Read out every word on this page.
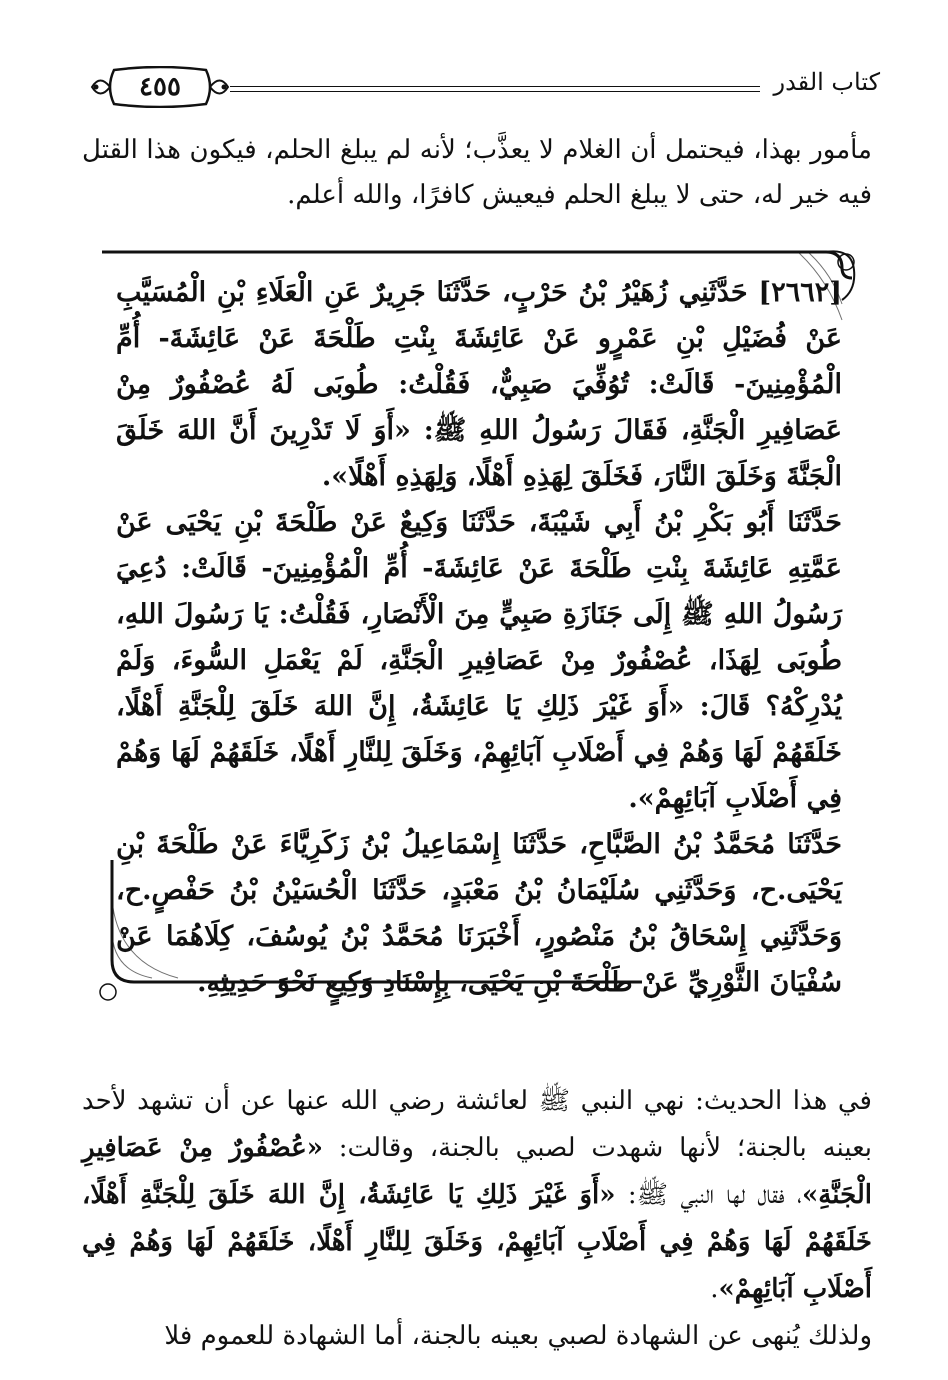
٤٥٥	كتاب القدر
مأمور بهذا، فيحتمل أن الغلام لا يعذَّب؛ لأنه لم يبلغ الحلم، فيكون هذا القتل فيه خير له، حتى لا يبلغ الحلم فيعيش كافرًا، والله أعلم.

[٢٦٦٢] حَدَّثَنِي زُهَيْرُ بْنُ حَرْبٍ، حَدَّثَنَا جَرِيرٌ عَنِ الْعَلَاءِ بْنِ الْمُسَيَّبِ عَنْ فُضَيْلِ بْنِ عَمْرٍو عَنْ عَائِشَةَ بِنْتِ طَلْحَةَ عَنْ عَائِشَةَ- أُمِّ الْمُؤْمِنِينَ- قَالَتْ: تُوُفِّيَ صَبِيٌّ، فَقُلْتُ: طُوبَى لَهُ عُصْفُورٌ مِنْ عَصَافِيرِ الْجَنَّةِ، فَقَالَ رَسُولُ اللهِ ﷺ: «أَوَ لَا تَدْرِينَ أَنَّ اللهَ خَلَقَ الْجَنَّةَ وَخَلَقَ النَّارَ، فَخَلَقَ لِهَذِهِ أَهْلًا، وَلِهَذِهِ أَهْلًا».

حَدَّثَنَا أَبُو بَكْرِ بْنُ أَبِي شَيْبَةَ، حَدَّثَنَا وَكِيعٌ عَنْ طَلْحَةَ بْنِ يَحْيَى عَنْ عَمَّتِهِ عَائِشَةَ بِنْتِ طَلْحَةَ عَنْ عَائِشَةَ- أُمِّ الْمُؤْمِنِينَ- قَالَتْ: دُعِيَ رَسُولُ اللهِ ﷺ إِلَى جَنَازَةِ صَبِيٍّ مِنَ الْأَنْصَارِ، فَقُلْتُ: يَا رَسُولَ اللهِ، طُوبَى لِهَذَا، عُصْفُورٌ مِنْ عَصَافِيرِ الْجَنَّةِ، لَمْ يَعْمَلِ السُّوءَ، وَلَمْ يُدْرِكْهُ؟ قَالَ: «أَوَ غَيْرَ ذَلِكِ يَا عَائِشَةُ، إِنَّ اللهَ خَلَقَ لِلْجَنَّةِ أَهْلًا، خَلَقَهُمْ لَهَا وَهُمْ فِي أَصْلَابِ آبَائِهِمْ، وَخَلَقَ لِلنَّارِ أَهْلًا، خَلَقَهُمْ لَهَا وَهُمْ فِي أَصْلَابِ آبَائِهِمْ».

حَدَّثَنَا مُحَمَّدُ بْنُ الصَّبَّاحِ، حَدَّثَنَا إِسْمَاعِيلُ بْنُ زَكَرِيَّاءَ عَنْ طَلْحَةَ بْنِ يَحْيَى.ح، وَحَدَّثَنِي سُلَيْمَانُ بْنُ مَعْبَدٍ، حَدَّثَنَا الْحُسَيْنُ بْنُ حَفْصٍ.ح، وَحَدَّثَنِي إِسْحَاقُ بْنُ مَنْصُورٍ، أَخْبَرَنَا مُحَمَّدُ بْنُ يُوسُفَ، كِلَاهُمَا عَنْ سُفْيَانَ الثَّوْرِيِّ عَنْ طَلْحَةَ بْنِ يَحْيَى، بِإِسْنَادِ وَكِيعٍ نَحْوَ حَدِيثِهِ.

في هذا الحديث: نهي النبي ﷺ لعائشة رضي الله عنها عن أن تشهد لأحد بعينه بالجنة؛ لأنها شهدت لصبي بالجنة، وقالت: «عُصْفُورٌ مِنْ عَصَافِيرِ الْجَنَّةِ»، فقال لها النبي ﷺ: «أَوَ غَيْرَ ذَلِكِ يَا عَائِشَةُ، إِنَّ اللهَ خَلَقَ لِلْجَنَّةِ أَهْلًا، خَلَقَهُمْ لَهَا وَهُمْ فِي أَصْلَابِ آبَائِهِمْ، وَخَلَقَ لِلنَّارِ أَهْلًا، خَلَقَهُمْ لَهَا وَهُمْ فِي أَصْلَابِ آبَائِهِمْ».

ولذلك يُنهى عن الشهادة لصبي بعينه بالجنة، أما الشهادة للعموم فلا
